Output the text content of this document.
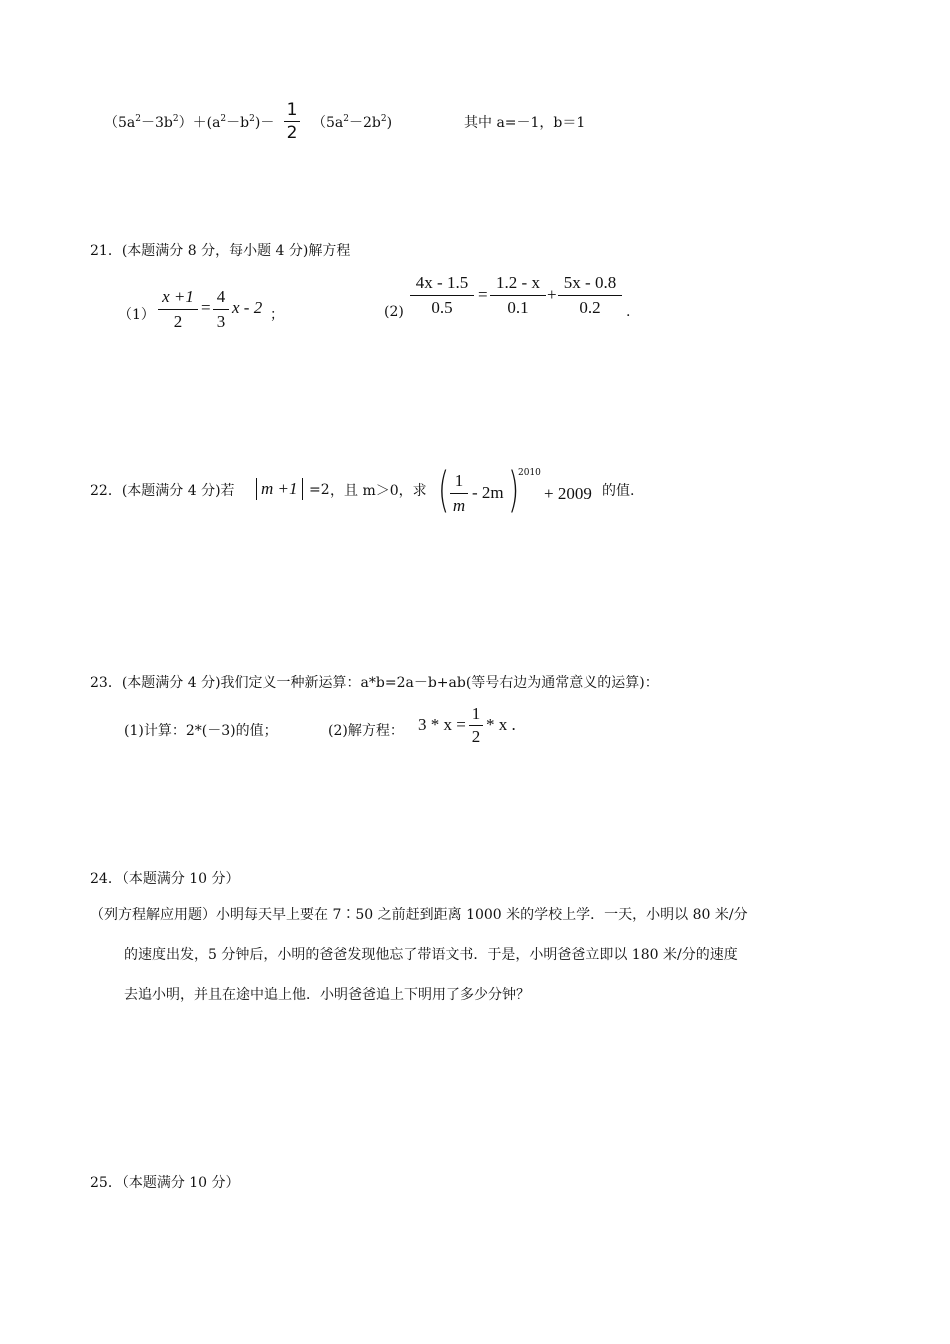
$(5a^2-3b^2)+(a^2-b^2)-$
1
2 $(5a^2-2b^2)$	其中 a=－1，b＝1
21．(本题满分 8 分，每小题 4 分)解方程
（1）
x +1
2
=
4
3
x - 2 ；	(2)
4x - 1.5
0.5
=
1.2 - x
0.1
+
5x - 0.8
0.2	.
22．(本题满分 4 分)若 m +1 =2 ，且 m＞0，求 ( 1
m
- 2m )
2010
+ 2009 的值.
23．(本题满分 4 分)我们定义一种新运算：a*b=2a－b+ab(等号右边为通常意义的运算)：
(1)计算：2*(－3)的值；	(2)解方程： 3 * x =
1
2
* x .
24．（本题满分 10 分）
（列方程解应用题）小明每天早上要在 7∶50 之前赶到距离 1000 米的学校上学．一天，小明以 80 米/分
的速度出发，5 分钟后，小明的爸爸发现他忘了带语文书．于是，小明爸爸立即以 180 米/分的速度
去追小明，并且在途中追上他．小明爸爸追上下明用了多少分钟？
25．（本题满分 10 分）
